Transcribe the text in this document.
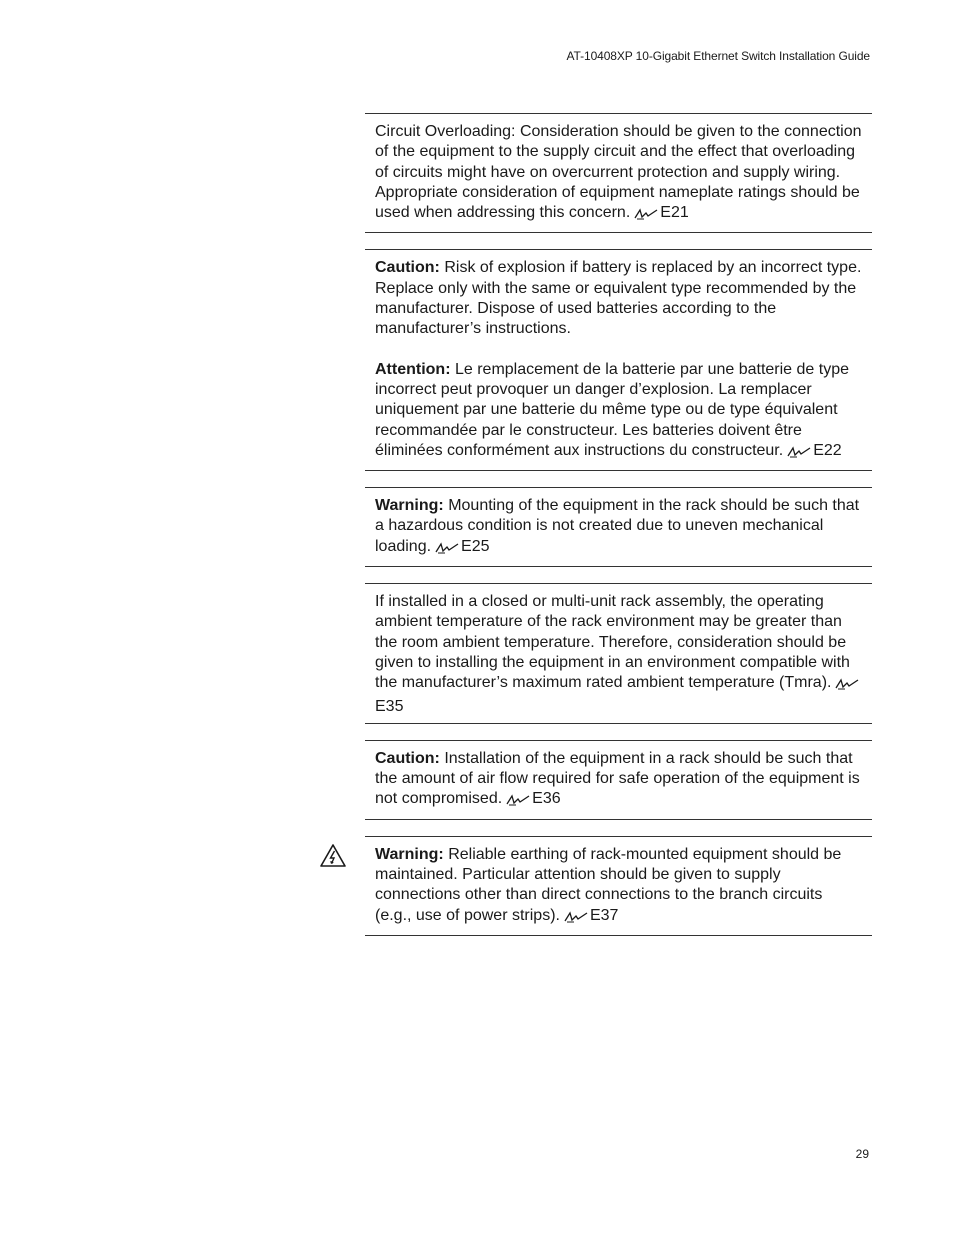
AT-10408XP 10-Gigabit Ethernet Switch Installation Guide

Circuit Overloading: Consideration should be given to the connection of the equipment to the supply circuit and the effect that overloading of circuits might have on overcurrent protection and supply wiring. Appropriate consideration of equipment nameplate ratings should be used when addressing this concern. E21

Caution: Risk of explosion if battery is replaced by an incorrect type. Replace only with the same or equivalent type recommended by the manufacturer. Dispose of used batteries according to the manufacturer’s instructions.

Attention: Le remplacement de la batterie par une batterie de type incorrect peut provoquer un danger d’explosion. La remplacer uniquement par une batterie du même type ou de type équivalent recommandée par le constructeur. Les batteries doivent être éliminées conformément aux instructions du constructeur. E22

Warning: Mounting of the equipment in the rack should be such that a hazardous condition is not created due to uneven mechanical loading. E25

If installed in a closed or multi-unit rack assembly, the operating ambient temperature of the rack environment may be greater than the room ambient temperature. Therefore, consideration should be given to installing the equipment in an environment compatible with the manufacturer’s maximum rated ambient temperature (Tmra).E35

Caution: Installation of the equipment in a rack should be such that the amount of air flow required for safe operation of the equipment is not compromised. E36

Warning: Reliable earthing of rack-mounted equipment should be maintained. Particular attention should be given to supply connections other than direct connections to the branch circuits (e.g., use of power strips). E37

29
